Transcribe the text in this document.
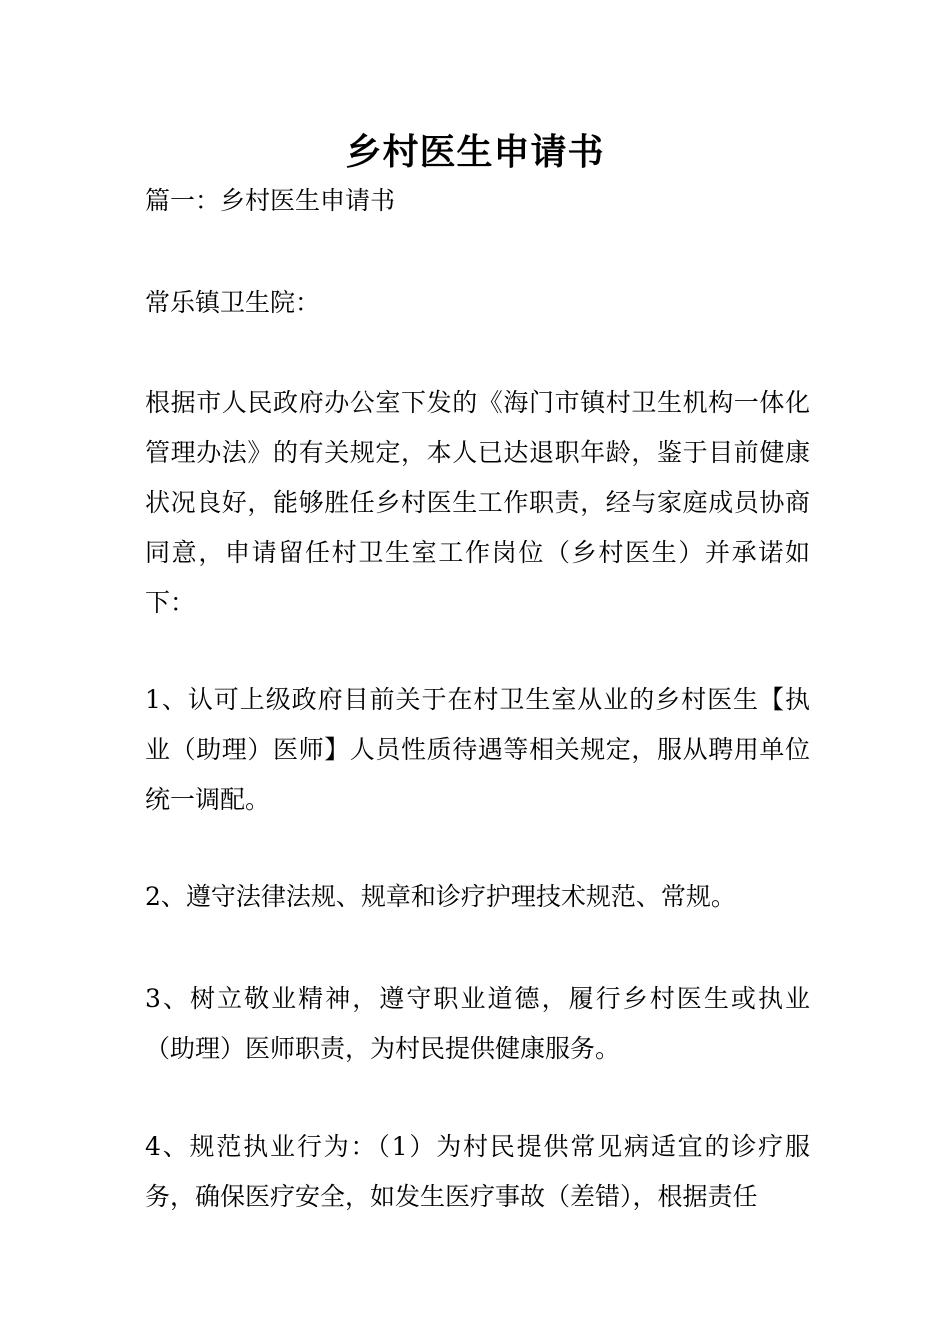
乡村医生申请书
篇一：乡村医生申请书
常乐镇卫生院：
根据市人民政府办公室下发的《海门市镇村卫生机构一体化管理办法》的有关规定，本人已达退职年龄，鉴于目前健康状况良好，能够胜任乡村医生工作职责，经与家庭成员协商同意，申请留任村卫生室工作岗位（乡村医生）并承诺如下：
1、认可上级政府目前关于在村卫生室从业的乡村医生【执业（助理）医师】人员性质待遇等相关规定，服从聘用单位统一调配。
2、遵守法律法规、规章和诊疗护理技术规范、常规。
3、树立敬业精神，遵守职业道德，履行乡村医生或执业（助理）医师职责，为村民提供健康服务。
4、规范执业行为：（1）为村民提供常见病适宜的诊疗服务，确保医疗安全，如发生医疗事故（差错），根据责任
